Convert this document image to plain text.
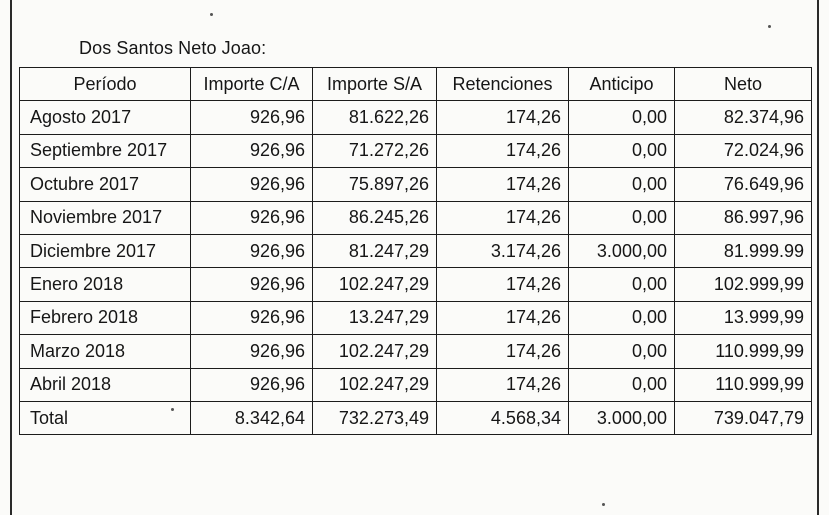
Dos Santos Neto Joao:
Período	Importe C/A	Importe S/A	Retenciones	Anticipo	Neto
Agosto 2017	926,96	81.622,26	174,26	0,00	82.374,96
Septiembre 2017	926,96	71.272,26	174,26	0,00	72.024,96
Octubre 2017	926,96	75.897,26	174,26	0,00	76.649,96
Noviembre 2017	926,96	86.245,26	174,26	0,00	86.997,96
Diciembre 2017	926,96	81.247,29	3.174,26	3.000,00	81.999.99
Enero 2018	926,96	102.247,29	174,26	0,00	102.999,99
Febrero 2018	926,96	13.247,29	174,26	0,00	13.999,99
Marzo 2018	926,96	102.247,29	174,26	0,00	110.999,99
Abril 2018	926,96	102.247,29	174,26	0,00	110.999,99
Total	8.342,64	732.273,49	4.568,34	3.000,00	739.047,79
